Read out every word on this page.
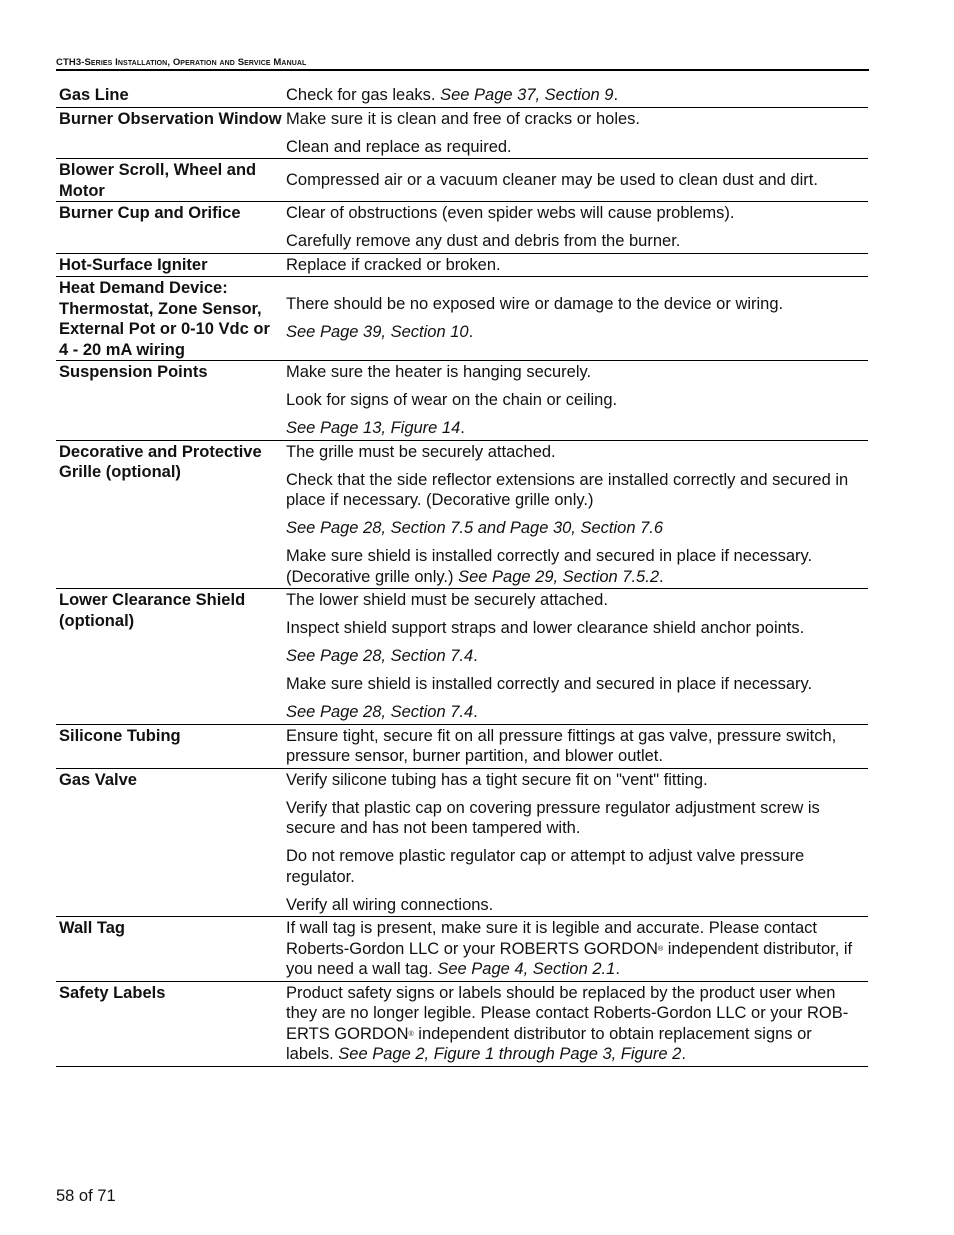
CTH3-Series Installation, Operation and Service Manual
Gas Line	Check for gas leaks. See Page 37, Section 9.

Burner Observation Window	Make sure it is clean and free of cracks or holes.

Clean and replace as required.

Blower Scroll, Wheel and Motor	Compressed air or a vacuum cleaner may be used to clean dust and dirt.

Burner Cup and Orifice	Clear of obstructions (even spider webs will cause problems).

Carefully remove any dust and debris from the burner.

Hot-Surface Igniter	Replace if cracked or broken.

Heat Demand Device: Thermostat, Zone Sensor, External Pot or 0-10 Vdc or 4 - 20 mA wiring	There should be no exposed wire or damage to the device or wiring.

See Page 39, Section 10.

Suspension Points	Make sure the heater is hanging securely.

Look for signs of wear on the chain or ceiling.

See Page 13, Figure 14.

Decorative and Protective Grille (optional)	The grille must be securely attached.

Check that the side reflector extensions are installed correctly and secured in place if necessary. (Decorative grille only.)

See Page 28, Section 7.5 and Page 30, Section 7.6

Make sure shield is installed correctly and secured in place if necessary. (Decorative grille only.) See Page 29, Section 7.5.2.

Lower Clearance Shield (optional)	The lower shield must be securely attached.

Inspect shield support straps and lower clearance shield anchor points.

See Page 28, Section 7.4.

Make sure shield is installed correctly and secured in place if necessary.

See Page 28, Section 7.4.

Silicone Tubing	Ensure tight, secure fit on all pressure fittings at gas valve, pressure switch, pressure sensor, burner partition, and blower outlet.

Gas Valve	Verify silicone tubing has a tight secure fit on "vent" fitting.

Verify that plastic cap on covering pressure regulator adjustment screw is secure and has not been tampered with.

Do not remove plastic regulator cap or attempt to adjust valve pressure regulator.

Verify all wiring connections.

Wall Tag	If wall tag is present, make sure it is legible and accurate. Please contact Roberts-Gordon LLC or your ROBERTS GORDON® independent distributor, if you need a wall tag. See Page 4, Section 2.1.

Safety Labels	Product safety signs or labels should be replaced by the product user when they are no longer legible. Please contact Roberts-Gordon LLC or your ROB-ERTS GORDON® independent distributor to obtain replacement signs or labels. See Page 2, Figure 1 through Page 3, Figure 2.

58 of 71
